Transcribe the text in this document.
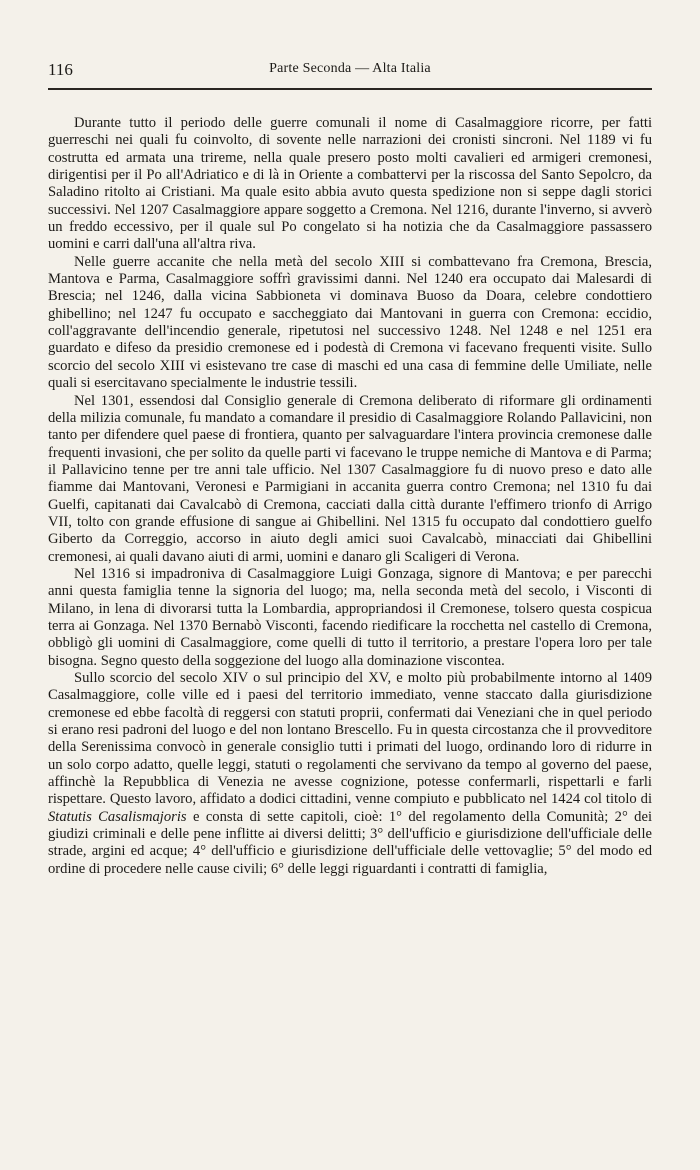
116	Parte Seconda — Alta Italia

Durante tutto il periodo delle guerre comunali il nome di Casalmaggiore ricorre, per fatti guerreschi nei quali fu coinvolto, di sovente nelle narrazioni dei cronisti sincroni. Nel 1189 vi fu costrutta ed armata una trireme, nella quale presero posto molti cavalieri ed armigeri cremonesi, dirigentisi per il Po all'Adriatico e di là in Oriente a combattervi per la riscossa del Santo Sepolcro, da Saladino ritolto ai Cristiani. Ma quale esito abbia avuto questa spedizione non si seppe dagli storici successivi. Nel 1207 Casalmaggiore appare soggetto a Cremona. Nel 1216, durante l'inverno, si avverò un freddo eccessivo, per il quale sul Po congelato si ha notizia che da Casalmaggiore passassero uomini e carri dall'una all'altra riva.

Nelle guerre accanite che nella metà del secolo XIII si combattevano fra Cremona, Brescia, Mantova e Parma, Casalmaggiore soffrì gravissimi danni. Nel 1240 era occupato dai Malesardi di Brescia; nel 1246, dalla vicina Sabbioneta vi dominava Buoso da Doara, celebre condottiero ghibellino; nel 1247 fu occupato e saccheggiato dai Mantovani in guerra con Cremona: eccidio, coll'aggravante dell'incendio generale, ripetutosi nel successivo 1248. Nel 1248 e nel 1251 era guardato e difeso da presidio cremonese ed i podestà di Cremona vi facevano frequenti visite. Sullo scorcio del secolo XIII vi esistevano tre case di maschi ed una casa di femmine delle Umiliate, nelle quali si esercitavano specialmente le industrie tessili.

Nel 1301, essendosi dal Consiglio generale di Cremona deliberato di riformare gli ordinamenti della milizia comunale, fu mandato a comandare il presidio di Casalmaggiore Rolando Pallavicini, non tanto per difendere quel paese di frontiera, quanto per salvaguardare l'intera provincia cremonese dalle frequenti invasioni, che per solito da quelle parti vi facevano le truppe nemiche di Mantova e di Parma; il Pallavicino tenne per tre anni tale ufficio. Nel 1307 Casalmaggiore fu di nuovo preso e dato alle fiamme dai Mantovani, Veronesi e Parmigiani in accanita guerra contro Cremona; nel 1310 fu dai Guelfi, capitanati dai Cavalcabò di Cremona, cacciati dalla città durante l'effimero trionfo di Arrigo VII, tolto con grande effusione di sangue ai Ghibellini. Nel 1315 fu occupato dal condottiero guelfo Giberto da Correggio, accorso in aiuto degli amici suoi Cavalcabò, minacciati dai Ghibellini cremonesi, ai quali davano aiuti di armi, uomini e danaro gli Scaligeri di Verona.

Nel 1316 si impadroniva di Casalmaggiore Luigi Gonzaga, signore di Mantova; e per parecchi anni questa famiglia tenne la signoria del luogo; ma, nella seconda metà del secolo, i Visconti di Milano, in lena di divorarsi tutta la Lombardia, appropriandosi il Cremonese, tolsero questa cospicua terra ai Gonzaga. Nel 1370 Bernabò Visconti, facendo riedificare la rocchetta nel castello di Cremona, obbligò gli uomini di Casalmaggiore, come quelli di tutto il territorio, a prestare l'opera loro per tale bisogna. Segno questo della soggezione del luogo alla dominazione viscontea.

Sullo scorcio del secolo XIV o sul principio del XV, e molto più probabilmente intorno al 1409 Casalmaggiore, colle ville ed i paesi del territorio immediato, venne staccato dalla giurisdizione cremonese ed ebbe facoltà di reggersi con statuti proprii, confermati dai Veneziani che in quel periodo si erano resi padroni del luogo e del non lontano Brescello. Fu in questa circostanza che il provveditore della Serenissima convocò in generale consiglio tutti i primati del luogo, ordinando loro di ridurre in un solo corpo adatto, quelle leggi, statuti o regolamenti che servivano da tempo al governo del paese, affinchè la Repubblica di Venezia ne avesse cognizione, potesse confermarli, rispettarli e farli rispettare. Questo lavoro, affidato a dodici cittadini, venne compiuto e pubblicato nel 1424 col titolo di Statutis Casalismajoris e consta di sette capitoli, cioè: 1° del regolamento della Comunità; 2° dei giudizi criminali e delle pene inflitte ai diversi delitti; 3° dell'ufficio e giurisdizione dell'ufficiale delle strade, argini ed acque; 4° dell'ufficio e giurisdizione dell'ufficiale delle vettovaglie; 5° del modo ed ordine di procedere nelle cause civili; 6° delle leggi riguardanti i contratti di famiglia,
